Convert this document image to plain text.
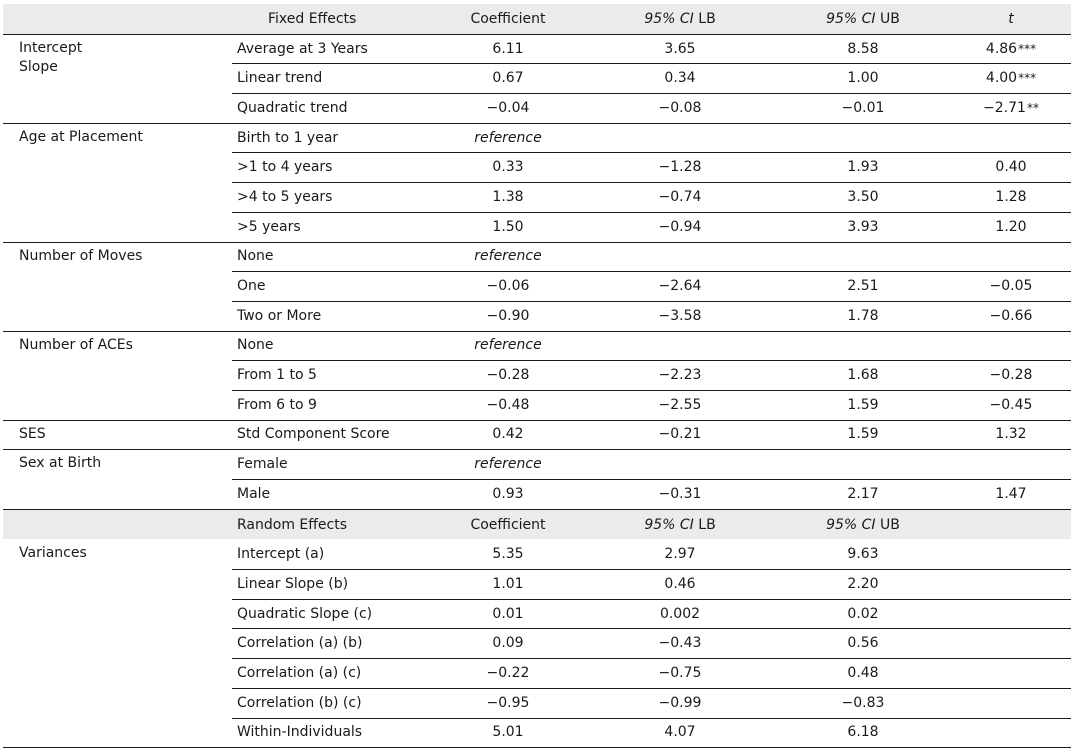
Fixed Effects	Coefficient	95% CI LB	95% CI UB	t
Intercept
Slope
Average at 3 Years	6.11	3.65	8.58	4.86 ***
Linear trend	0.67	0.34	1.00	4.00 ***
Quadratic trend	−0.04	−0.08	−0.01	−2.71 **
Age at Placement	Birth to 1 year	reference
>1 to 4 years	0.33	−1.28	1.93	0.40
>4 to 5 years	1.38	−0.74	3.50	1.28
>5 years	1.50	−0.94	3.93	1.20
Number of Moves	None	reference
One	−0.06	−2.64	2.51	−0.05
Two or More	−0.90	−3.58	1.78	−0.66
Number of ACEs	None	reference
From 1 to 5	−0.28	−2.23	1.68	−0.28
From 6 to 9	−0.48	−2.55	1.59	−0.45
SES	Std Component Score	0.42	−0.21	1.59	1.32
Sex at Birth	Female	reference
Male	0.93	−0.31	2.17	1.47
Random Effects	Coefficient	95% CI LB	95% CI UB
Variances	Intercept (a)	5.35	2.97	9.63
Linear Slope (b)	1.01	0.46	2.20
Quadratic Slope (c)	0.01	0.002	0.02
Correlation (a) (b)	0.09	−0.43	0.56
Correlation (a) (c)	−0.22	−0.75	0.48
Correlation (b) (c)	−0.95	−0.99	−0.83
Within-Individuals	5.01	4.07	6.18
